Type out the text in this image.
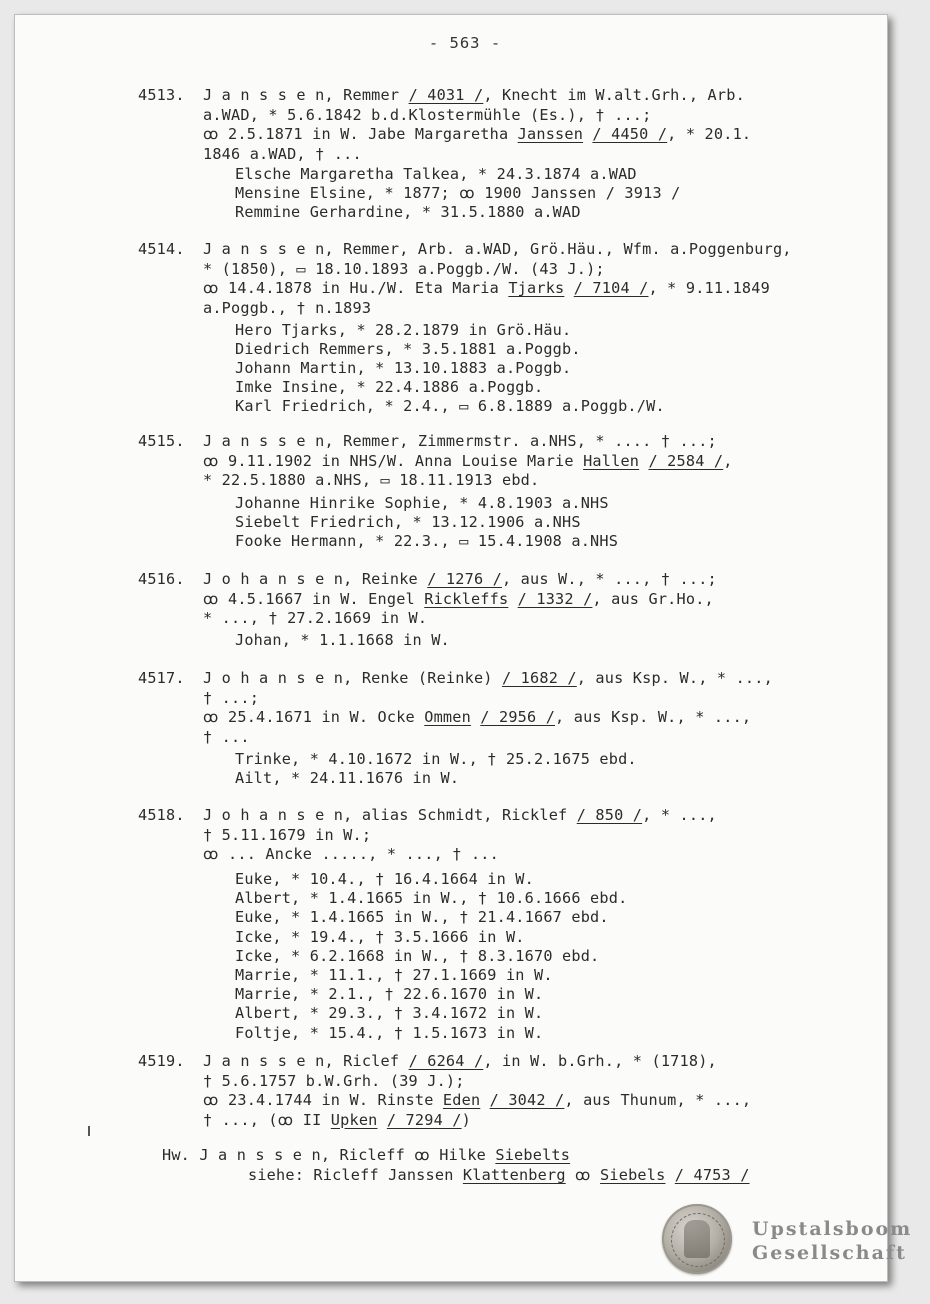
- 563 -
4513. J a n s s e n, Remmer / 4031 /, Knecht im W.alt.Grh., Arb.
a.WAD, * 5.6.1842 b.d.Klostermühle (Es.), † ...;
ꝏ 2.5.1871 in W. Jabe Margaretha Janssen / 4450 /, * 20.1.
1846 a.WAD, † ...
Elsche Margaretha Talkea, * 24.3.1874 a.WAD
Mensine Elsine, * 1877; ꝏ 1900 Janssen / 3913 /
Remmine Gerhardine, * 31.5.1880 a.WAD
4514. J a n s s e n, Remmer, Arb. a.WAD, Grö.Häu., Wfm. a.Poggenburg,
* (1850), ▭ 18.10.1893 a.Poggb./W. (43 J.);
ꝏ 14.4.1878 in Hu./W. Eta Maria Tjarks / 7104 /, * 9.11.1849
a.Poggb., † n.1893
Hero Tjarks, * 28.2.1879 in Grö.Häu.
Diedrich Remmers, * 3.5.1881 a.Poggb.
Johann Martin, * 13.10.1883 a.Poggb.
Imke Insine, * 22.4.1886 a.Poggb.
Karl Friedrich, * 2.4., ▭ 6.8.1889 a.Poggb./W.
4515. J a n s s e n, Remmer, Zimmermstr. a.NHS, * .... † ...;
ꝏ 9.11.1902 in NHS/W. Anna Louise Marie Hallen / 2584 /,
* 22.5.1880 a.NHS, ▭ 18.11.1913 ebd.
Johanne Hinrike Sophie, * 4.8.1903 a.NHS
Siebelt Friedrich, * 13.12.1906 a.NHS
Fooke Hermann, * 22.3., ▭ 15.4.1908 a.NHS
4516. J o h a n s e n, Reinke / 1276 /, aus W., * ..., † ...;
ꝏ 4.5.1667 in W. Engel Rickleffs / 1332 /, aus Gr.Ho.,
* ..., † 27.2.1669 in W.
Johan, * 1.1.1668 in W.
4517. J o h a n s e n, Renke (Reinke) / 1682 /, aus Ksp. W., * ...,
† ...;
ꝏ 25.4.1671 in W. Ocke Ommen / 2956 /, aus Ksp. W., * ...,
† ...
Trinke, * 4.10.1672 in W., † 25.2.1675 ebd.
Ailt, * 24.11.1676 in W.
4518. J o h a n s e n, alias Schmidt, Ricklef / 850 /, * ...,
† 5.11.1679 in W.;
ꝏ ... Ancke ....., * ..., † ...
Euke, * 10.4., † 16.4.1664 in W.
Albert, * 1.4.1665 in W., † 10.6.1666 ebd.
Euke, * 1.4.1665 in W., † 21.4.1667 ebd.
Icke, * 19.4., † 3.5.1666 in W.
Icke, * 6.2.1668 in W., † 8.3.1670 ebd.
Marrie, * 11.1., † 27.1.1669 in W.
Marrie, * 2.1., † 22.6.1670 in W.
Albert, * 29.3., † 3.4.1672 in W.
Foltje, * 15.4., † 1.5.1673 in W.
4519. J a n s s e n, Riclef / 6264 /, in W. b.Grh., * (1718),
† 5.6.1757 b.W.Grh. (39 J.);
ꝏ 23.4.1744 in W. Rinste Eden / 3042 /, aus Thunum, * ...,
† ..., (ꝏ II Upken / 7294 /)
Hw. J a n s s e n, Ricleff ꝏ Hilke Siebelts
siehe: Ricleff Janssen Klattenberg ꝏ Siebels / 4753 /
Upstalsboom
Gesellschaft
